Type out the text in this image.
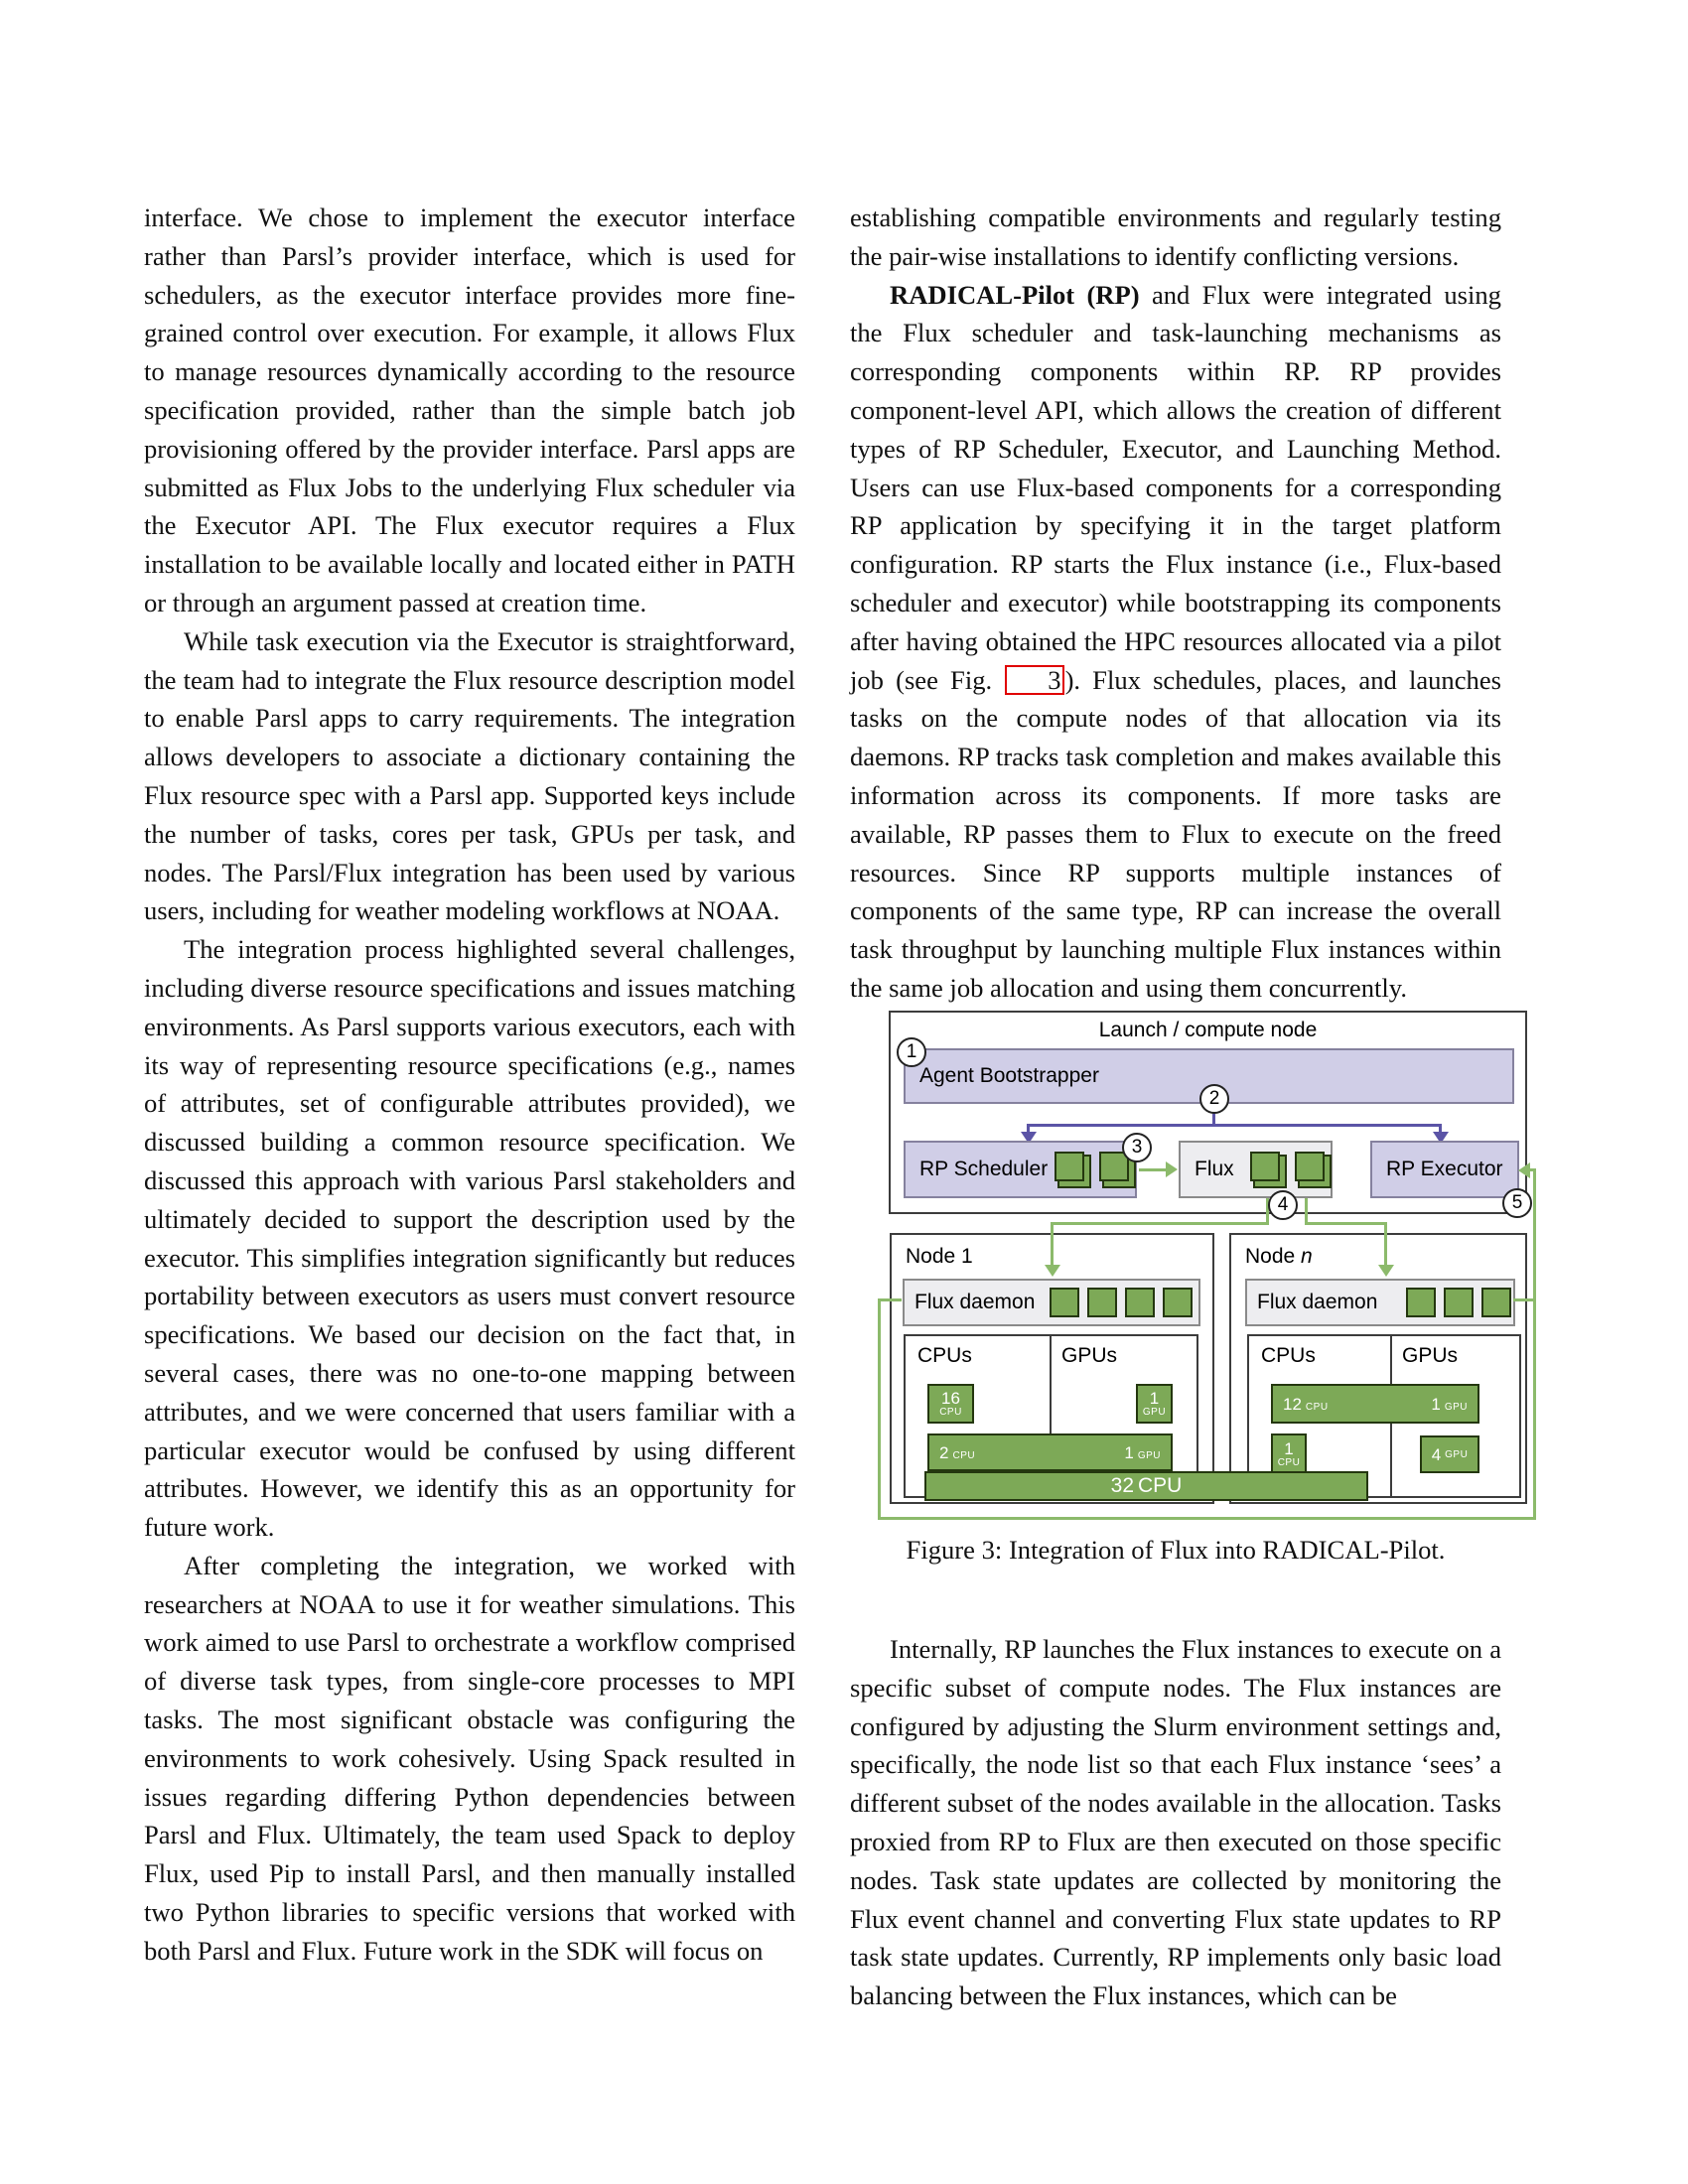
interface. We chose to implement the executor interface rather than Parsl’s provider interface, which is used for schedulers, as the executor interface provides more fine-grained control over execution. For example, it allows Flux to manage resources dynamically according to the resource specification provided, rather than the simple batch job provisioning offered by the provider interface. Parsl apps are submitted as Flux Jobs to the underlying Flux scheduler via the Executor API. The Flux executor requires a Flux installation to be available locally and located either in PATH or through an argument passed at creation time.

While task execution via the Executor is straightforward, the team had to integrate the Flux resource description model to enable Parsl apps to carry requirements. The integration allows developers to associate a dictionary containing the Flux resource spec with a Parsl app. Supported keys include the number of tasks, cores per task, GPUs per task, and nodes. The Parsl/Flux integration has been used by various users, including for weather modeling workflows at NOAA.

The integration process highlighted several challenges, including diverse resource specifications and issues matching environments. As Parsl supports various executors, each with its way of representing resource specifications (e.g., names of attributes, set of configurable attributes provided), we discussed building a common resource specification. We discussed this approach with various Parsl stakeholders and ultimately decided to support the description used by the executor. This simplifies integration significantly but reduces portability between executors as users must convert resource specifications. We based our decision on the fact that, in several cases, there was no one-to-one mapping between attributes, and we were concerned that users familiar with a particular executor would be confused by using different attributes. However, we identify this as an opportunity for future work.

After completing the integration, we worked with researchers at NOAA to use it for weather simulations. This work aimed to use Parsl to orchestrate a workflow comprised of diverse task types, from single-core processes to MPI tasks. The most significant obstacle was configuring the environments to work cohesively. Using Spack resulted in issues regarding differing Python dependencies between Parsl and Flux. Ultimately, the team used Spack to deploy Flux, used Pip to install Parsl, and then manually installed two Python libraries to specific versions that worked with both Parsl and Flux. Future work in the SDK will focus on

establishing compatible environments and regularly testing the pair-wise installations to identify conflicting versions.

RADICAL-Pilot (RP) and Flux were integrated using the Flux scheduler and task-launching mechanisms as corresponding components within RP. RP provides component-level API, which allows the creation of different types of RP Scheduler, Executor, and Launching Method. Users can use Flux-based components for a corresponding RP application by specifying it in the target platform configuration. RP starts the Flux instance (i.e., Flux-based scheduler and executor) while bootstrapping its components after having obtained the HPC resources allocated via a pilot job (see Fig. 3 ). Flux schedules, places, and launches tasks on the compute nodes of that allocation via its daemons. RP tracks task completion and makes available this information across its components. If more tasks are available, RP passes them to Flux to execute on the freed resources. Since RP supports multiple instances of components of the same type, RP can increase the overall task throughput by launching multiple Flux instances within the same job allocation and using them concurrently.

Launch / compute node
Agent Bootstrapper
RP Scheduler	Flux	RP Executor
1
2
3
4	5
Node 1
Flux daemon
CPUs	GPUs
16
CPU
1
GPU
2 CPU	1 GPU
Node n
Flux daemon
CPUs	GPUs
12 CPU	1 GPU
1
CPU	4 GPU
32 CPU
Figure 3: Integration of Flux into RADICAL-Pilot.

Internally, RP launches the Flux instances to execute on a specific subset of compute nodes. The Flux instances are configured by adjusting the Slurm environment settings and, specifically, the node list so that each Flux instance ‘sees’ a different subset of the nodes available in the allocation. Tasks proxied from RP to Flux are then executed on those specific nodes. Task state updates are collected by monitoring the Flux event channel and converting Flux state updates to RP task state updates. Currently, RP implements only basic load balancing between the Flux instances, which can be
